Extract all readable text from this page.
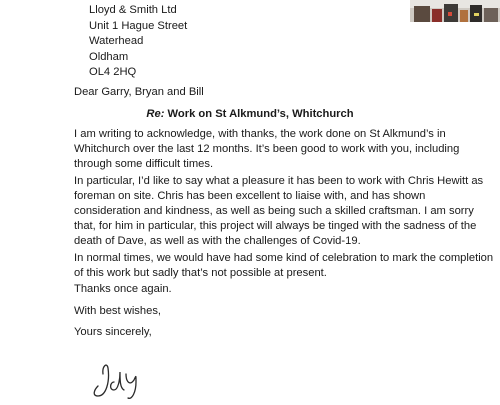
Lloyd & Smith Ltd
Unit 1 Hague Street
Waterhead
Oldham
OL4 2HQ
Dear Garry, Bryan and Bill
Re: Work on St Alkmund’s, Whitchurch
I am writing to acknowledge, with thanks, the work done on St Alkmund’s in
Whitchurch over the last 12 months. It’s been good to work with you, including
through some difficult times.
In particular, I’d like to say what a pleasure it has been to work with Chris Hewitt as
foreman on site. Chris has been excellent to liaise with, and has shown
consideration and kindness, as well as being such a skilled craftsman. I am sorry
that, for him in particular, this project will always be tinged with the sadness of the
death of Dave, as well as with the challenges of Covid-19.
In normal times, we would have had some kind of celebration to mark the completion
of this work but sadly that’s not possible at present.
Thanks once again.
With best wishes,
Yours sincerely,
